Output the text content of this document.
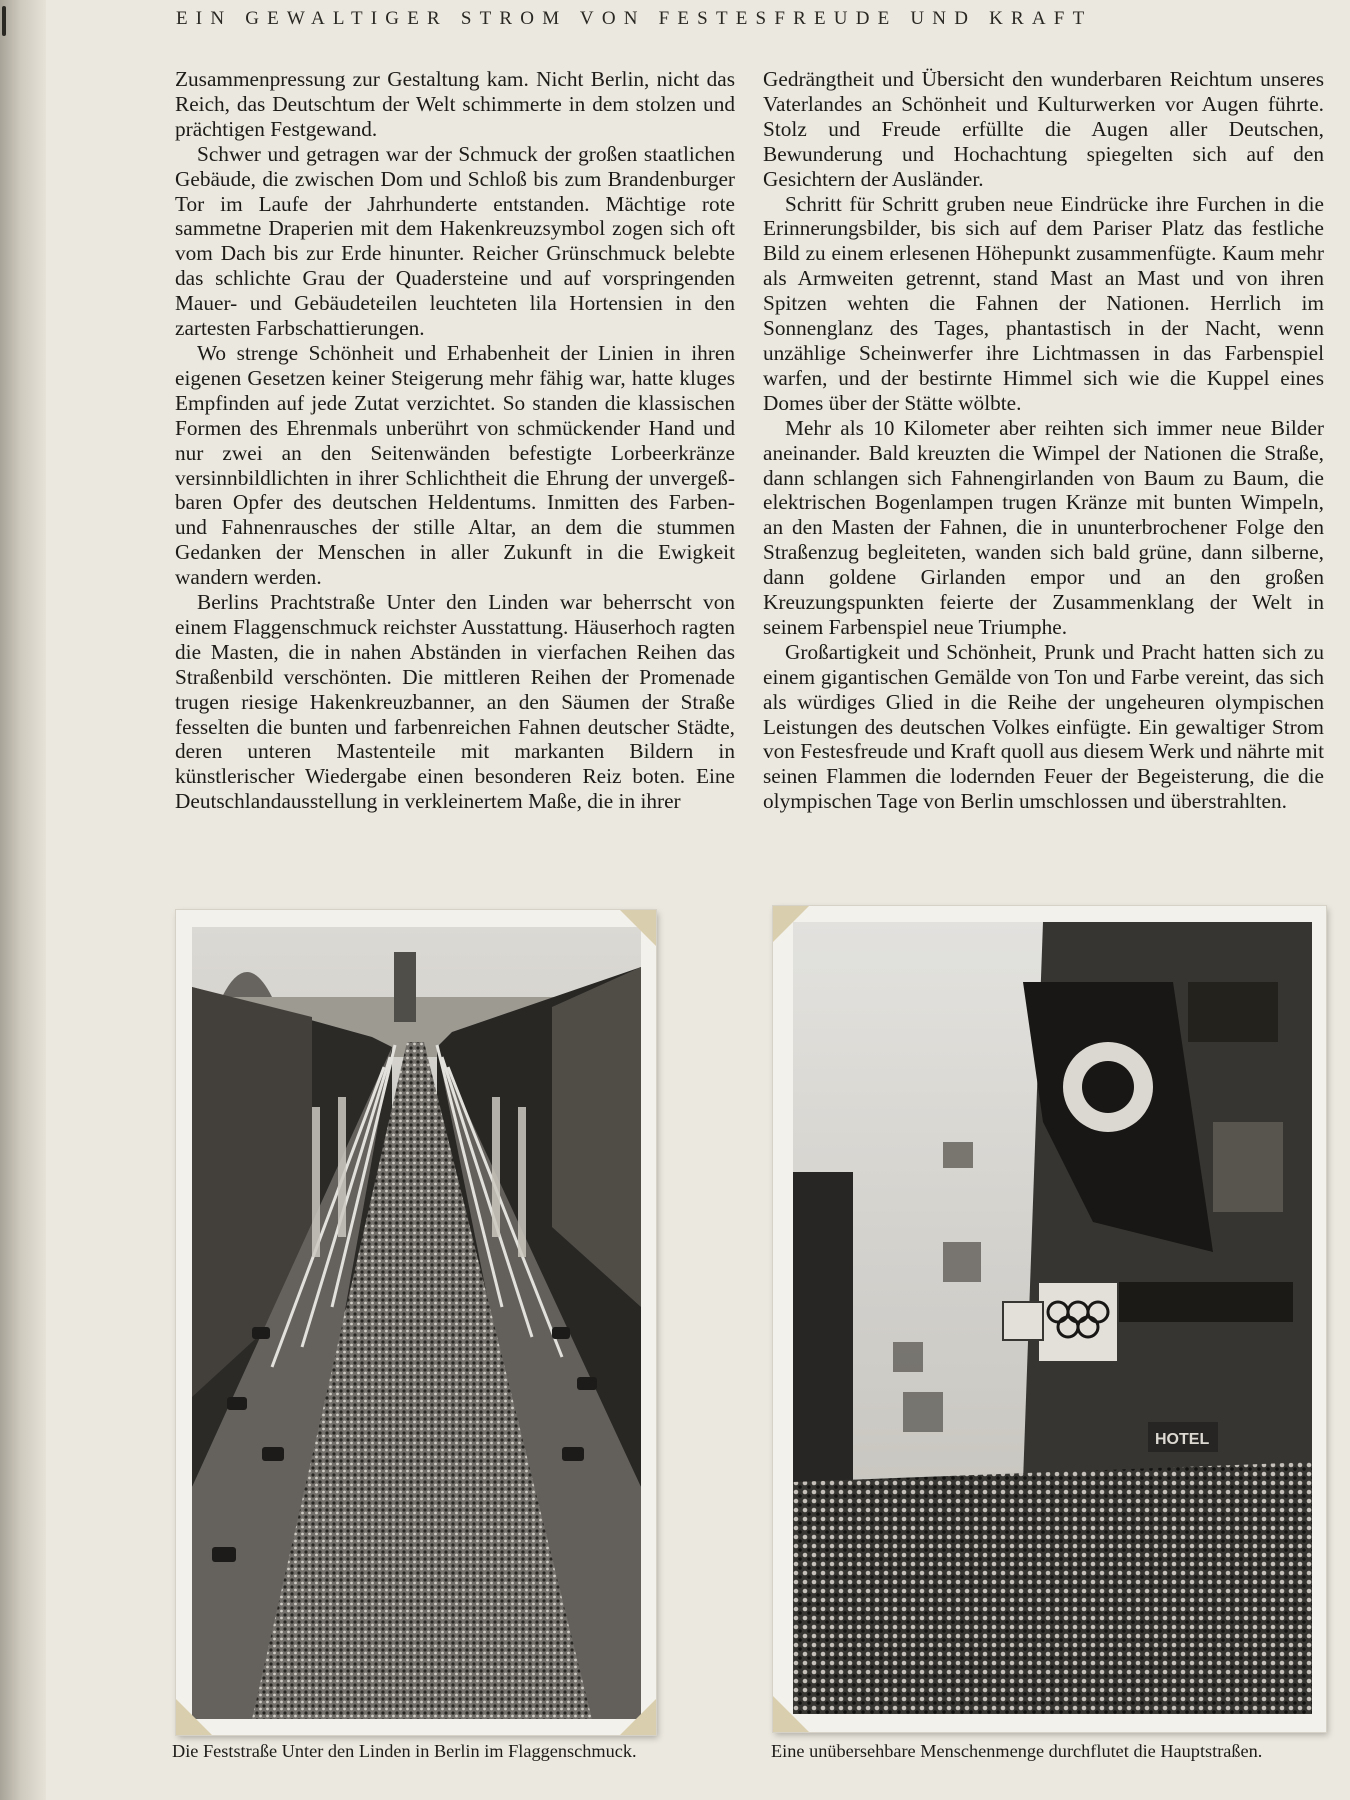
EIN GEWALTIGER STROM VON FESTESFREUDE UND KRAFT

Zusammenpressung zur Gestaltung kam. Nicht Berlin, nicht das Reich, das Deutschtum der Welt schimmerte in dem stolzen und prächtigen Festgewand.

Schwer und getragen war der Schmuck der großen staatlichen Gebäude, die zwischen Dom und Schloß bis zum Brandenburger Tor im Laufe der Jahrhunderte entstanden. Mächtige rote sammetne Draperien mit dem Hakenkreuzsymbol zogen sich oft vom Dach bis zur Erde hinunter. Reicher Grünschmuck belebte das schlichte Grau der Quadersteine und auf vorspringenden Mauer- und Gebäudeteilen leuchteten lila Hortensien in den zartesten Farbschattierungen.

Wo strenge Schönheit und Erhabenheit der Linien in ihren eigenen Gesetzen keiner Steigerung mehr fähig war, hatte kluges Empfinden auf jede Zutat verzichtet. So standen die klassischen Formen des Ehrenmals unberührt von schmückender Hand und nur zwei an den Seitenwänden befestigte Lorbeerkränze versinnbildlichten in ihrer Schlichtheit die Ehrung der unvergeßbaren Opfer des deutschen Heldentums. Inmitten des Farben- und Fahnenrausches der stille Altar, an dem die stummen Gedanken der Menschen in aller Zukunft in die Ewigkeit wandern werden.

Berlins Prachtstraße Unter den Linden war beherrscht von einem Flaggenschmuck reichster Ausstattung. Häuserhoch ragten die Masten, die in nahen Abständen in vierfachen Reihen das Straßenbild verschönten. Die mittleren Reihen der Promenade trugen riesige Hakenkreuzbanner, an den Säumen der Straße fesselten die bunten und farbenreichen Fahnen deutscher Städte, deren unteren Mastenteile mit markanten Bildern in künstlerischer Wiedergabe einen besonderen Reiz boten. Eine Deutschlandausstellung in verkleinertem Maße, die in ihrer

Gedrängtheit und Übersicht den wunderbaren Reichtum unseres Vaterlandes an Schönheit und Kulturwerken vor Augen führte. Stolz und Freude erfüllte die Augen aller Deutschen, Bewunderung und Hochachtung spiegelten sich auf den Gesichtern der Ausländer.

Schritt für Schritt gruben neue Eindrücke ihre Furchen in die Erinnerungsbilder, bis sich auf dem Pariser Platz das festliche Bild zu einem erlesenen Höhepunkt zusammenfügte. Kaum mehr als Armweiten getrennt, stand Mast an Mast und von ihren Spitzen wehten die Fahnen der Nationen. Herrlich im Sonnenglanz des Tages, phantastisch in der Nacht, wenn unzählige Scheinwerfer ihre Lichtmassen in das Farbenspiel warfen, und der bestirnte Himmel sich wie die Kuppel eines Domes über der Stätte wölbte.

Mehr als 10 Kilometer aber reihten sich immer neue Bilder aneinander. Bald kreuzten die Wimpel der Nationen die Straße, dann schlangen sich Fahnengirlanden von Baum zu Baum, die elektrischen Bogenlampen trugen Kränze mit bunten Wimpeln, an den Masten der Fahnen, die in ununterbrochener Folge den Straßenzug begleiteten, wanden sich bald grüne, dann silberne, dann goldene Girlanden empor und an den großen Kreuzungspunkten feierte der Zusammenklang der Welt in seinem Farbenspiel neue Triumphe.

Großartigkeit und Schönheit, Prunk und Pracht hatten sich zu einem gigantischen Gemälde von Ton und Farbe vereint, das sich als würdiges Glied in die Reihe der ungeheuren olympischen Leistungen des deutschen Volkes einfügte. Ein gewaltiger Strom von Festesfreude und Kraft quoll aus diesem Werk und nährte mit seinen Flammen die lodernden Feuer der Begeisterung, die die olympischen Tage von Berlin umschlossen und überstrahlten.

HOTEL
Die Feststraße Unter den Linden in Berlin im Flaggenschmuck.	Eine unübersehbare Menschenmenge durchflutet die Hauptstraßen.
